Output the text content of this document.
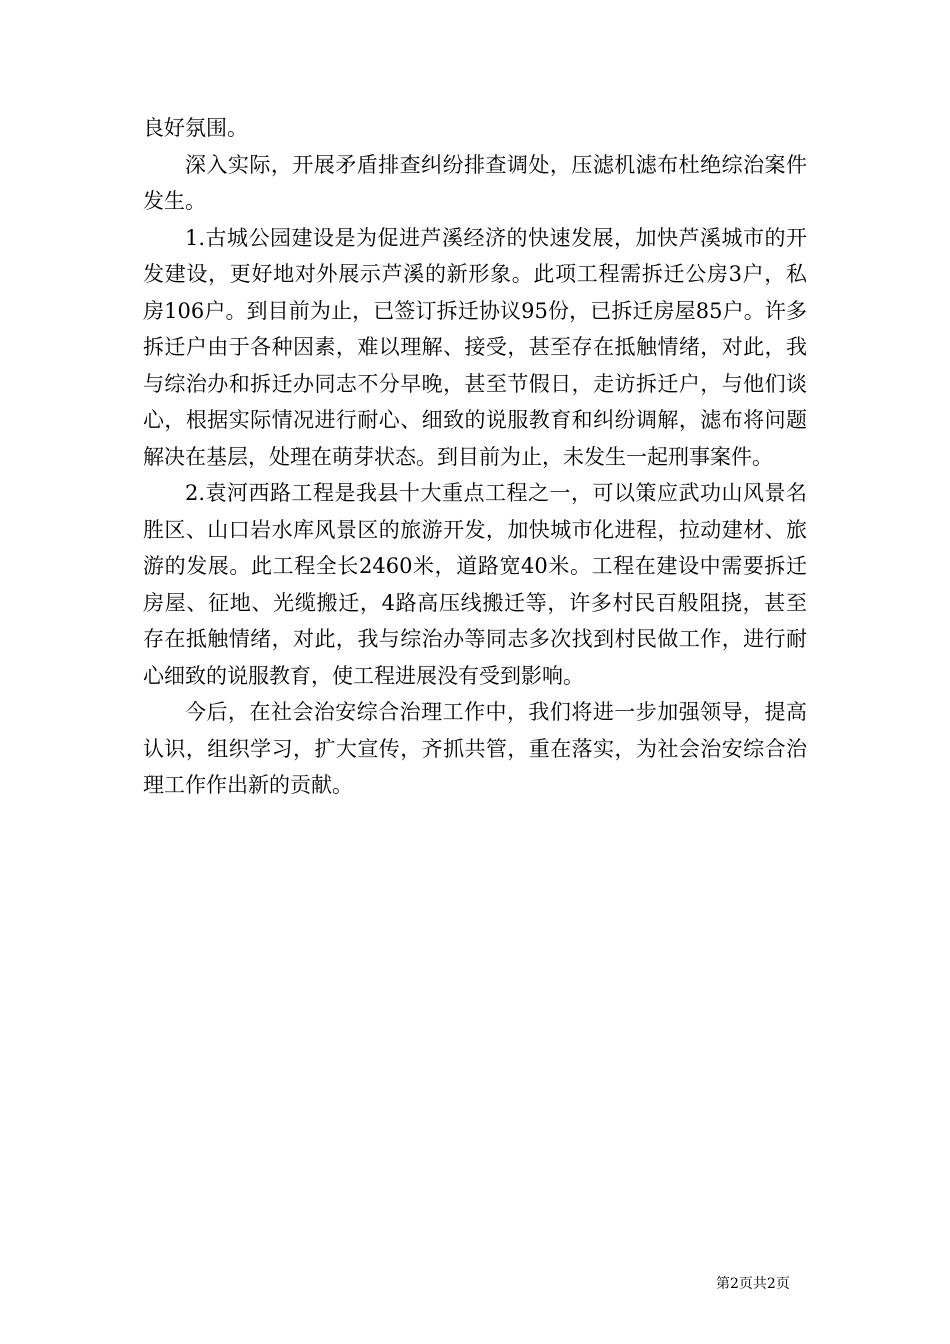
良好氛围。

深入实际，开展矛盾排查纠纷排查调处，压滤机滤布杜绝综治案件发生。

1.古城公园建设是为促进芦溪经济的快速发展，加快芦溪城市的开发建设，更好地对外展示芦溪的新形象。此项工程需拆迁公房3户，私房106户。到目前为止，已签订拆迁协议95份，已拆迁房屋85户。许多拆迁户由于各种因素，难以理解、接受，甚至存在抵触情绪，对此，我与综治办和拆迁办同志不分早晚，甚至节假日，走访拆迁户，与他们谈心，根据实际情况进行耐心、细致的说服教育和纠纷调解，滤布将问题解决在基层，处理在萌芽状态。到目前为止，未发生一起刑事案件。

2.袁河西路工程是我县十大重点工程之一，可以策应武功山风景名胜区、山口岩水库风景区的旅游开发，加快城市化进程，拉动建材、旅游的发展。此工程全长2460米，道路宽40米。工程在建设中需要拆迁房屋、征地、光缆搬迁，4路高压线搬迁等，许多村民百般阻挠，甚至存在抵触情绪，对此，我与综治办等同志多次找到村民做工作，进行耐心细致的说服教育，使工程进展没有受到影响。

今后，在社会治安综合治理工作中，我们将进一步加强领导，提高认识，组织学习，扩大宣传，齐抓共管，重在落实，为社会治安综合治理工作作出新的贡献。

第2页共2页
